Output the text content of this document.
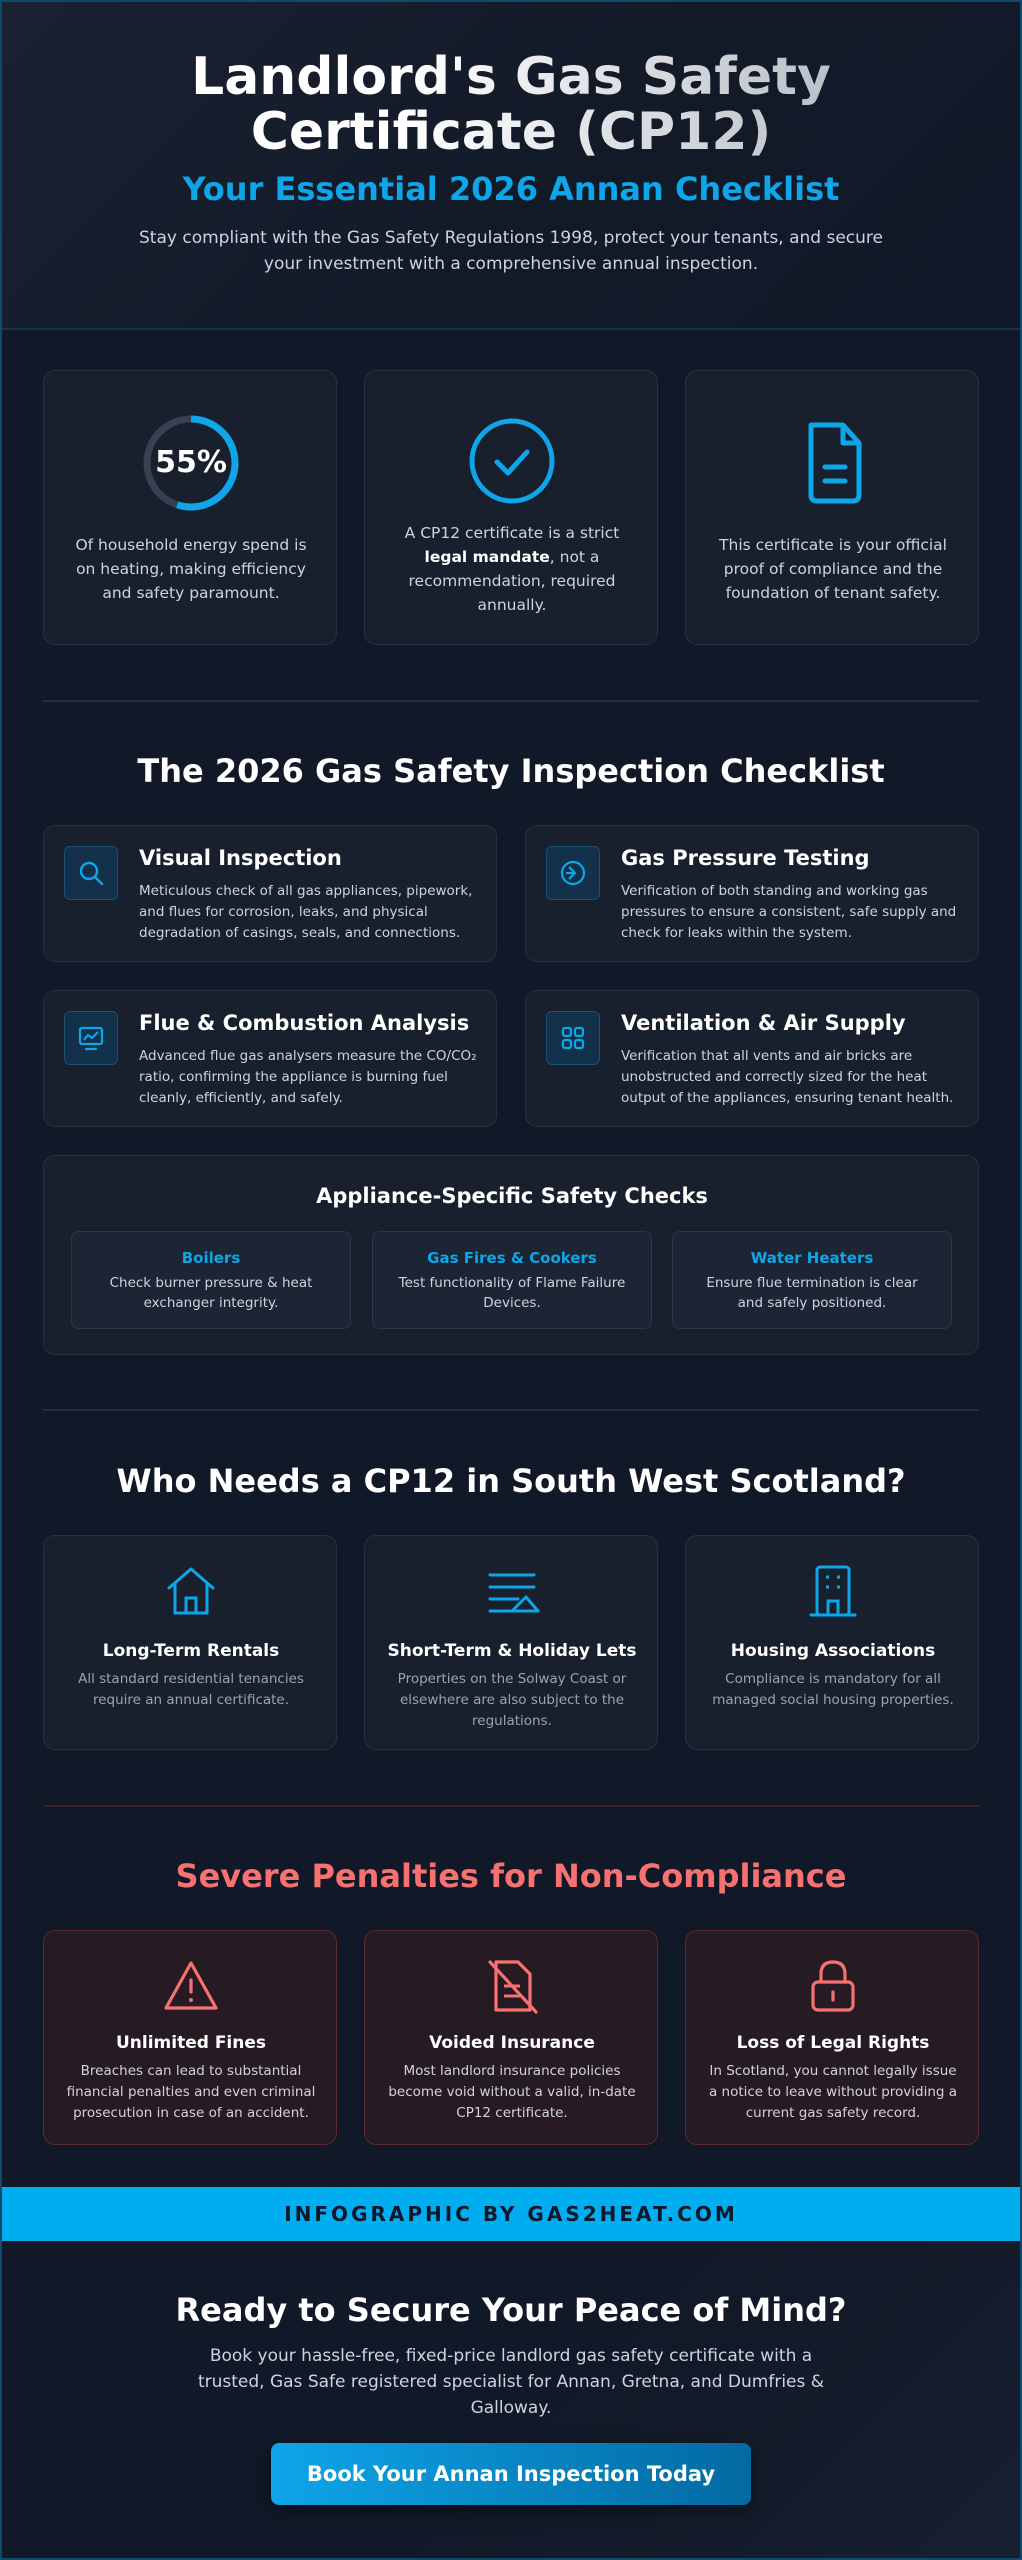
Landlord's Gas Safety Certificate (CP12)
Your Essential 2026 Annan Checklist

Stay compliant with the Gas Safety Regulations 1998, protect your tenants, and secure your investment with a comprehensive annual inspection.

55%
Of household energy spend is on heating, making efficiency and safety paramount.
A CP12 certificate is a strict legal mandate, not a recommendation, required annually.
This certificate is your official proof of compliance and the foundation of tenant safety.
The 2026 Gas Safety Inspection Checklist
Visual Inspection

Meticulous check of all gas appliances, pipework, and flues for corrosion, leaks, and physical degradation of casings, seals, and connections.

Gas Pressure Testing

Verification of both standing and working gas pressures to ensure a consistent, safe supply and check for leaks within the system.

Flue & Combustion Analysis

Advanced flue gas analysers measure the CO/CO₂ ratio, confirming the appliance is burning fuel cleanly, efficiently, and safely.

Ventilation & Air Supply

Verification that all vents and air bricks are unobstructed and correctly sized for the heat output of the appliances, ensuring tenant health.

Appliance-Specific Safety Checks
Boilers

Check burner pressure & heat exchanger integrity.

Gas Fires & Cookers

Test functionality of Flame Failure Devices.

Water Heaters

Ensure flue termination is clear and safely positioned.

Who Needs a CP12 in South West Scotland?
Long-Term Rentals

All standard residential tenancies require an annual certificate.

Short-Term & Holiday Lets

Properties on the Solway Coast or elsewhere are also subject to the regulations.

Housing Associations

Compliance is mandatory for all managed social housing properties.

Severe Penalties for Non-Compliance
Unlimited Fines

Breaches can lead to substantial financial penalties and even criminal prosecution in case of an accident.

Voided Insurance

Most landlord insurance policies become void without a valid, in-date CP12 certificate.

Loss of Legal Rights

In Scotland, you cannot legally issue a notice to leave without providing a current gas safety record.

INFOGRAPHIC BY GAS2HEAT.COM
Ready to Secure Your Peace of Mind?

Book your hassle-free, fixed-price landlord gas safety certificate with a trusted, Gas Safe registered specialist for Annan, Gretna, and Dumfries & Galloway.

Book Your Annan Inspection Today
